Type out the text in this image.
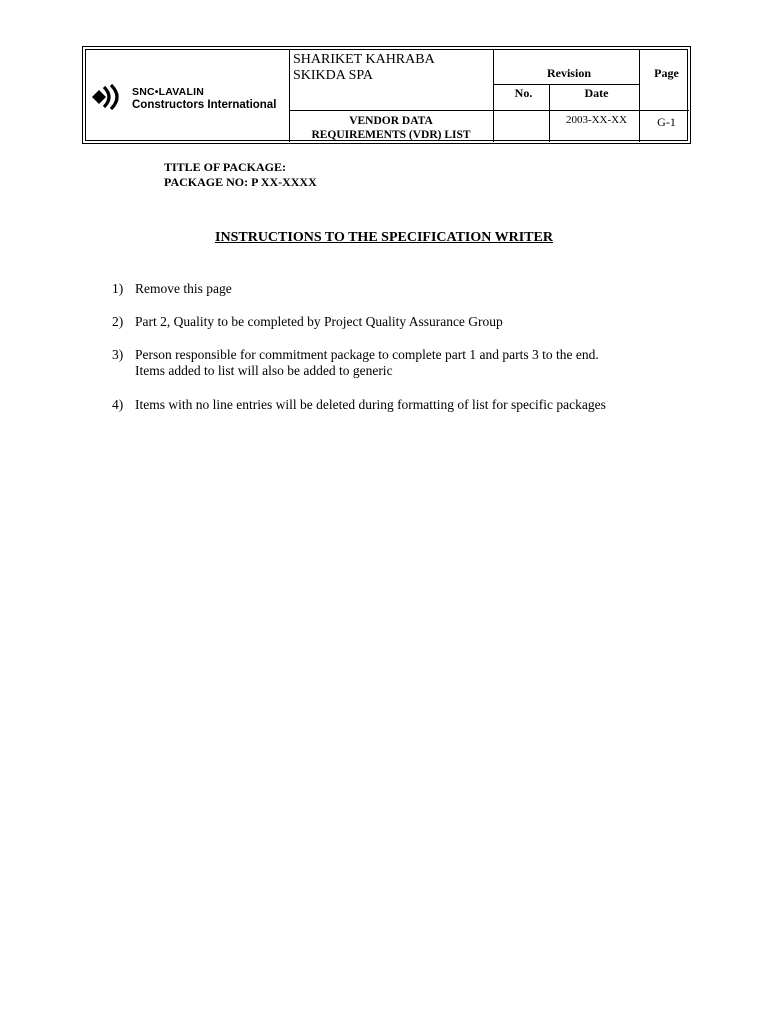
SNC•LAVALIN
Constructors International
SHARIKET KAHRABA
SKIKDA SPA
VENDOR DATA
REQUIREMENTS (VDR) LIST
Revision
No.	Date
Page
2003-XX-XX	G-1
TITLE OF PACKAGE:
PACKAGE NO: P XX-XXXX
INSTRUCTIONS TO THE SPECIFICATION WRITER
1) Remove this page
2) Part 2, Quality to be completed by Project Quality Assurance Group
3) Person responsible for commitment package to complete part 1 and parts 3 to the end.
Items added to list will also be added to generic
4) Items with no line entries will be deleted during formatting of list for specific packages
